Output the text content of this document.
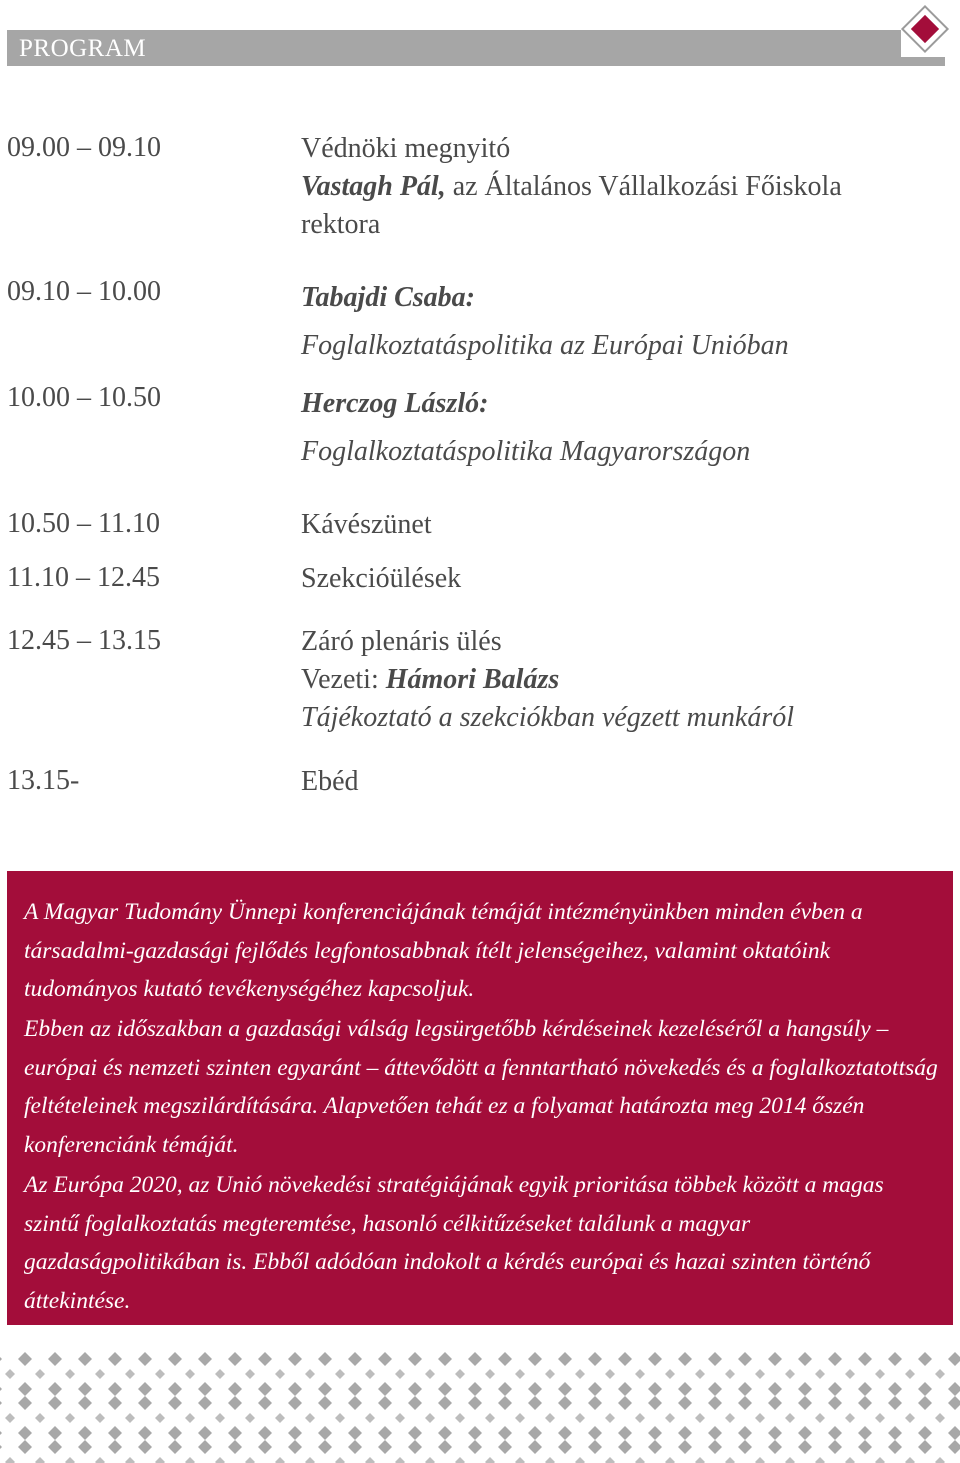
PROGRAM
09.00 – 09.10	Védnöki megnyitó
Vastagh Pál, az Általános Vállalkozási Főiskola
rektora
09.10 – 10.00	Tabajdi Csaba:
Foglalkoztatáspolitika az Európai Unióban
10.00 – 10.50	Herczog László:
Foglalkoztatáspolitika Magyarországon
10.50 – 11.10	Kávészünet
11.10 – 12.45	Szekcióülések
12.45 – 13.15	Záró plenáris ülés
Vezeti: Hámori Balázs
Tájékoztató a szekciókban végzett munkáról
13.15-	Ebéd

A Magyar Tudomány Ünnepi konferenciájának témáját intézményünkben minden évben a társadalmi-gazdasági fejlődés legfontosabbnak ítélt jelenségeihez, valamint oktatóink tudományos kutató tevékenységéhez kapcsoljuk.

Ebben az időszakban a gazdasági válság legsürgetőbb kérdéseinek kezeléséről a hangsúly – európai és nemzeti szinten egyaránt – áttevődött a fenntartható növekedés és a foglalkoztatottság feltételeinek megszilárdítására. Alapvetően tehát ez a folyamat határozta meg 2014 őszén konferenciánk témáját.

Az Európa 2020, az Unió növekedési stratégiájának egyik prioritása többek között a magas szintű foglalkoztatás megteremtése, hasonló célkitűzéseket találunk a magyar gazdaságpolitikában is. Ebből adódóan indokolt a kérdés európai és hazai szinten történő áttekintése.
